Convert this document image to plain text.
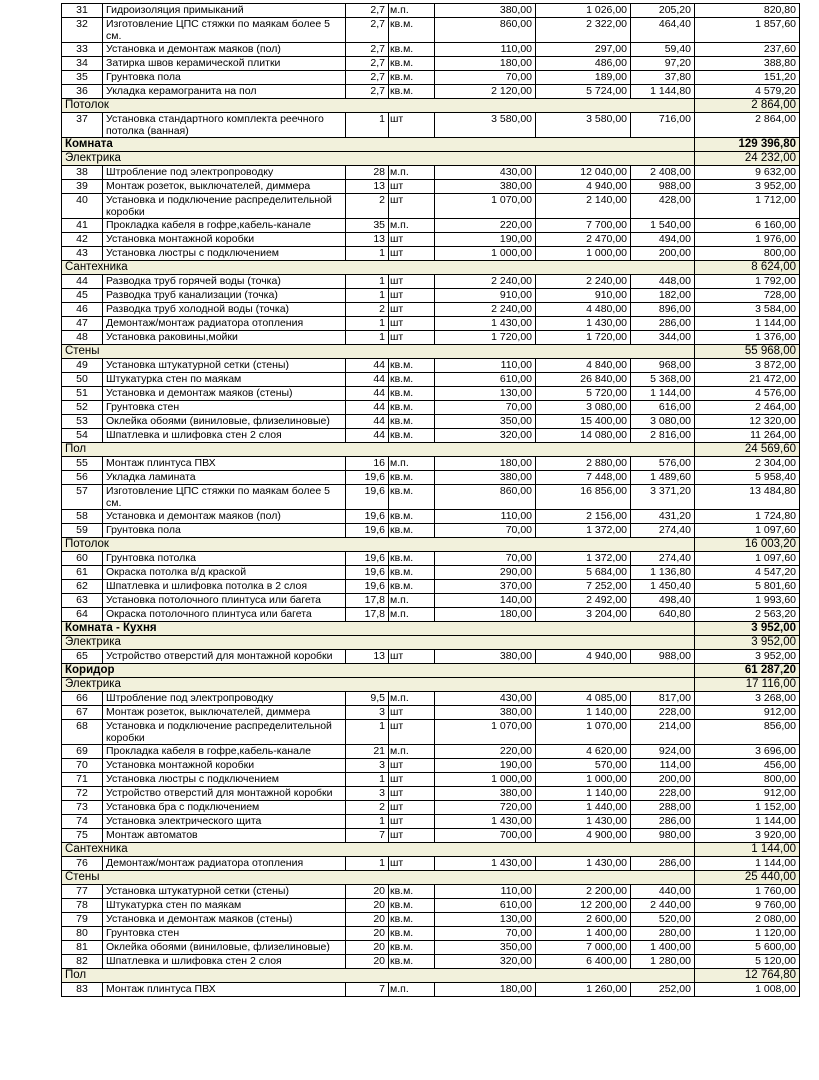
31	Гидроизоляция примыканий	2,7	м.п.	380,00	1 026,00	205,20	820,80
32	Изготовление ЦПС стяжки по маякам более 5 см.	2,7	кв.м.	860,00	2 322,00	464,40	1 857,60
33	Установка и демонтаж маяков (пол)	2,7	кв.м.	110,00	297,00	59,40	237,60
34	Затирка швов керамической плитки	2,7	кв.м.	180,00	486,00	97,20	388,80
35	Грунтовка пола	2,7	кв.м.	70,00	189,00	37,80	151,20
36	Укладка керамогранита на пол	2,7	кв.м.	2 120,00	5 724,00	1 144,80	4 579,20
Потолок							2 864,00
37	Установка стандартного комплекта реечного потолка (ванная)	1	шт	3 580,00	3 580,00	716,00	2 864,00
Комната							129 396,80
Электрика							24 232,00
38	Штробление под электропроводку	28	м.п.	430,00	12 040,00	2 408,00	9 632,00
39	Монтаж розеток, выключателей, диммера	13	шт	380,00	4 940,00	988,00	3 952,00
40	Установка и подключение распределительной коробки	2	шт	1 070,00	2 140,00	428,00	1 712,00
41	Прокладка кабеля в гофре,кабель-канале	35	м.п.	220,00	7 700,00	1 540,00	6 160,00
42	Установка монтажной коробки	13	шт	190,00	2 470,00	494,00	1 976,00
43	Установка люстры с подключением	1	шт	1 000,00	1 000,00	200,00	800,00
Сантехника							8 624,00
44	Разводка труб горячей воды (точка)	1	шт	2 240,00	2 240,00	448,00	1 792,00
45	Разводка труб канализации (точка)	1	шт	910,00	910,00	182,00	728,00
46	Разводка труб холодной воды (точка)	2	шт	2 240,00	4 480,00	896,00	3 584,00
47	Демонтаж/монтаж радиатора отопления	1	шт	1 430,00	1 430,00	286,00	1 144,00
48	Установка раковины,мойки	1	шт	1 720,00	1 720,00	344,00	1 376,00
Стены							55 968,00
49	Установка штукатурной сетки (стены)	44	кв.м.	110,00	4 840,00	968,00	3 872,00
50	Штукатурка стен по маякам	44	кв.м.	610,00	26 840,00	5 368,00	21 472,00
51	Установка и демонтаж маяков (стены)	44	кв.м.	130,00	5 720,00	1 144,00	4 576,00
52	Грунтовка стен	44	кв.м.	70,00	3 080,00	616,00	2 464,00
53	Оклейка обоями (виниловые, флизелиновые)	44	кв.м.	350,00	15 400,00	3 080,00	12 320,00
54	Шпатлевка и шлифовка стен 2 слоя	44	кв.м.	320,00	14 080,00	2 816,00	11 264,00
Пол							24 569,60
55	Монтаж плинтуса ПВХ	16	м.п.	180,00	2 880,00	576,00	2 304,00
56	Укладка ламината	19,6	кв.м.	380,00	7 448,00	1 489,60	5 958,40
57	Изготовление ЦПС стяжки по маякам более 5 см.	19,6	кв.м.	860,00	16 856,00	3 371,20	13 484,80
58	Установка и демонтаж маяков (пол)	19,6	кв.м.	110,00	2 156,00	431,20	1 724,80
59	Грунтовка пола	19,6	кв.м.	70,00	1 372,00	274,40	1 097,60
Потолок							16 003,20
60	Грунтовка потолка	19,6	кв.м.	70,00	1 372,00	274,40	1 097,60
61	Окраска потолка в/д краской	19,6	кв.м.	290,00	5 684,00	1 136,80	4 547,20
62	Шпатлевка и шлифовка потолка в 2 слоя	19,6	кв.м.	370,00	7 252,00	1 450,40	5 801,60
63	Установка потолочного плинтуса или багета	17,8	м.п.	140,00	2 492,00	498,40	1 993,60
64	Окраска потолочного плинтуса или багета	17,8	м.п.	180,00	3 204,00	640,80	2 563,20
Комната - Кухня							3 952,00
Электрика							3 952,00
65	Устройство отверстий для монтажной коробки	13	шт	380,00	4 940,00	988,00	3 952,00
Коридор							61 287,20
Электрика							17 116,00
66	Штробление под электропроводку	9,5	м.п.	430,00	4 085,00	817,00	3 268,00
67	Монтаж розеток, выключателей, диммера	3	шт	380,00	1 140,00	228,00	912,00
68	Установка и подключение распределительной коробки	1	шт	1 070,00	1 070,00	214,00	856,00
69	Прокладка кабеля в гофре,кабель-канале	21	м.п.	220,00	4 620,00	924,00	3 696,00
70	Установка монтажной коробки	3	шт	190,00	570,00	114,00	456,00
71	Установка люстры с подключением	1	шт	1 000,00	1 000,00	200,00	800,00
72	Устройство отверстий для монтажной коробки	3	шт	380,00	1 140,00	228,00	912,00
73	Установка бра с подключением	2	шт	720,00	1 440,00	288,00	1 152,00
74	Установка электрического щита	1	шт	1 430,00	1 430,00	286,00	1 144,00
75	Монтаж автоматов	7	шт	700,00	4 900,00	980,00	3 920,00
Сантехника							1 144,00
76	Демонтаж/монтаж радиатора отопления	1	шт	1 430,00	1 430,00	286,00	1 144,00
Стены							25 440,00
77	Установка штукатурной сетки (стены)	20	кв.м.	110,00	2 200,00	440,00	1 760,00
78	Штукатурка стен по маякам	20	кв.м.	610,00	12 200,00	2 440,00	9 760,00
79	Установка и демонтаж маяков (стены)	20	кв.м.	130,00	2 600,00	520,00	2 080,00
80	Грунтовка стен	20	кв.м.	70,00	1 400,00	280,00	1 120,00
81	Оклейка обоями (виниловые, флизелиновые)	20	кв.м.	350,00	7 000,00	1 400,00	5 600,00
82	Шпатлевка и шлифовка стен 2 слоя	20	кв.м.	320,00	6 400,00	1 280,00	5 120,00
Пол							12 764,80
83	Монтаж плинтуса ПВХ	7	м.п.	180,00	1 260,00	252,00	1 008,00
